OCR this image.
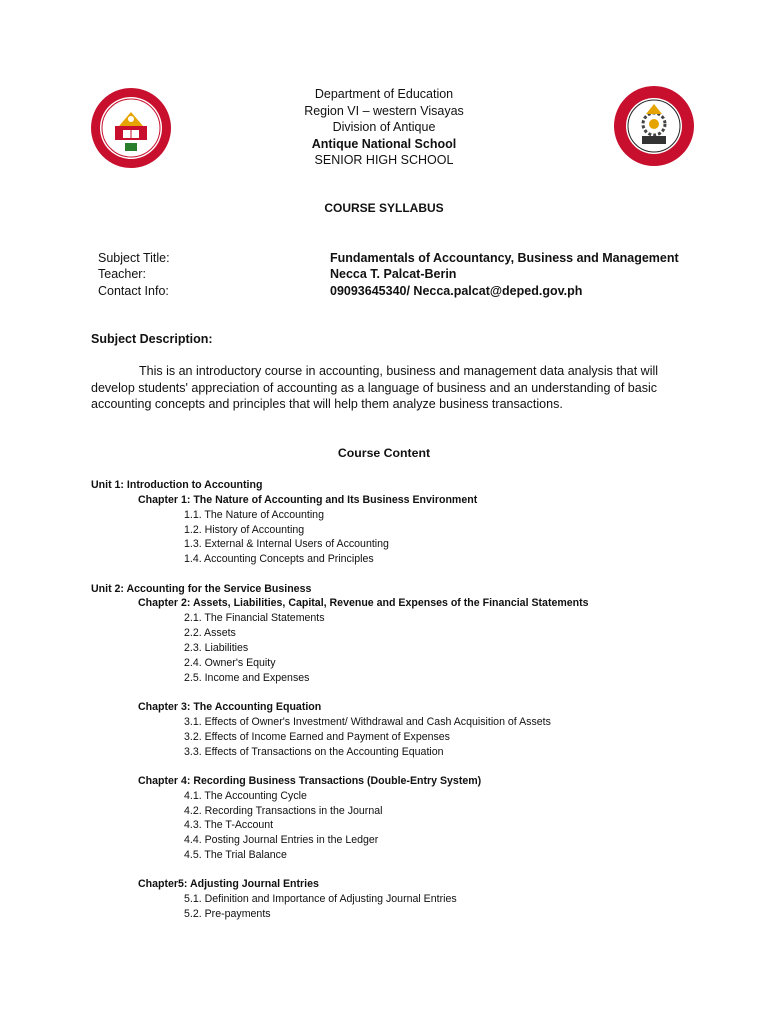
Department of Education
Region VI – western Visayas
Division of Antique
Antique National School
SENIOR HIGH SCHOOL
COURSE SYLLABUS
Subject Title:	Fundamentals of Accountancy, Business and Management
Teacher:	Necca T. Palcat-Berin
Contact Info:	09093645340/ Necca.palcat@deped.gov.ph
Subject Description:
This is an introductory course in accounting, business and management data analysis that will
develop students' appreciation of accounting as a language of business and an understanding of basic
accounting concepts and principles that will help them analyze business transactions.
Course Content
Unit 1: Introduction to Accounting
Chapter 1: The Nature of Accounting and Its Business Environment
1.1. The Nature of Accounting
1.2. History of Accounting
1.3. External & Internal Users of Accounting
1.4. Accounting Concepts and Principles
Unit 2: Accounting for the Service Business
Chapter 2: Assets, Liabilities, Capital, Revenue and Expenses of the Financial Statements
2.1. The Financial Statements
2.2. Assets
2.3. Liabilities
2.4. Owner's Equity
2.5. Income and Expenses
Chapter 3: The Accounting Equation
3.1. Effects of Owner's Investment/ Withdrawal and Cash Acquisition of Assets
3.2. Effects of Income Earned and Payment of Expenses
3.3. Effects of Transactions on the Accounting Equation
Chapter 4: Recording Business Transactions (Double-Entry System)
4.1. The Accounting Cycle
4.2. Recording Transactions in the Journal
4.3. The T-Account
4.4. Posting Journal Entries in the Ledger
4.5. The Trial Balance
Chapter5: Adjusting Journal Entries
5.1. Definition and Importance of Adjusting Journal Entries
5.2. Pre-payments
